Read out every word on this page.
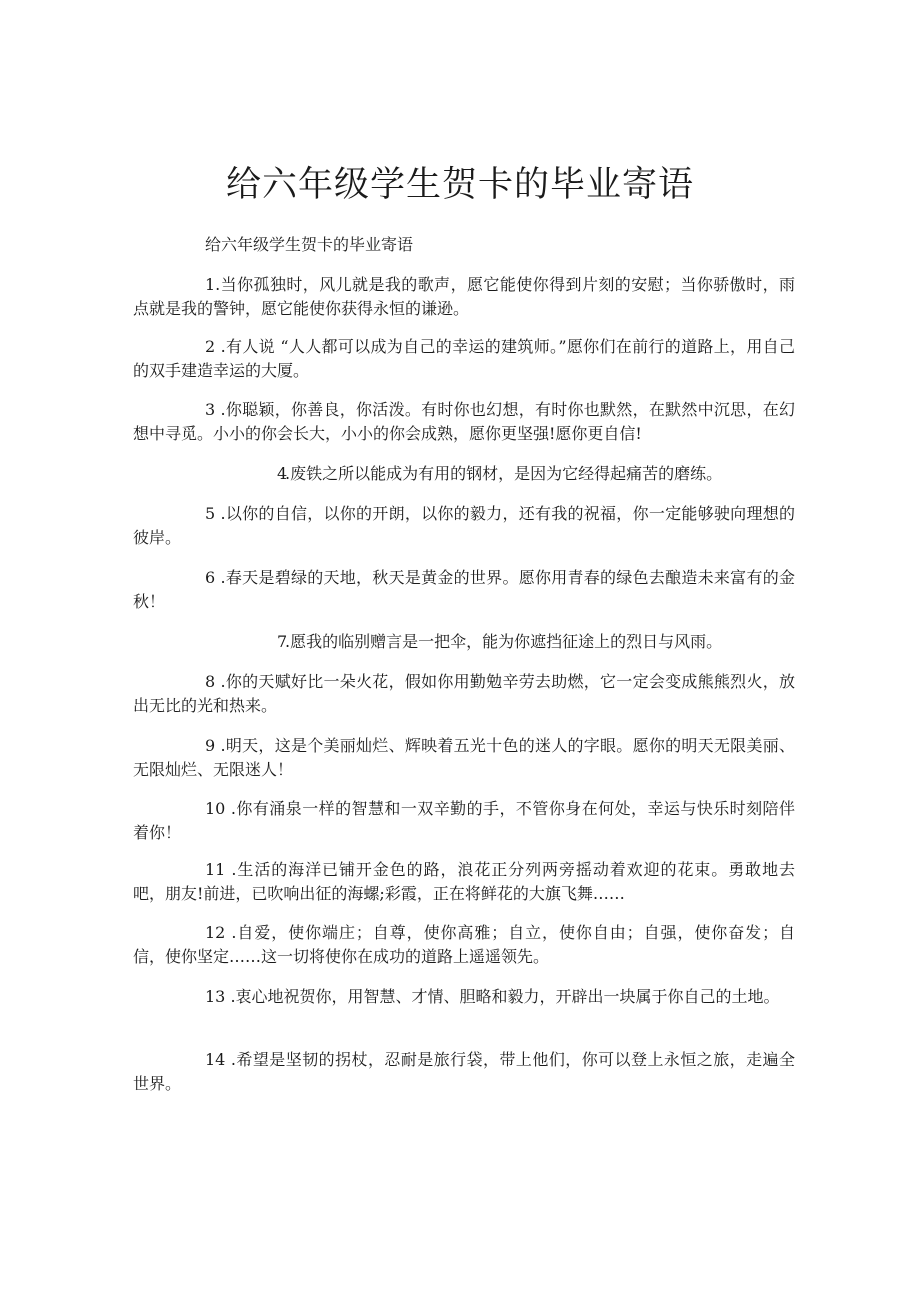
给六年级学生贺卡的毕业寄语

给六年级学生贺卡的毕业寄语

1.当你孤独时，风儿就是我的歌声，愿它能使你得到片刻的安慰；当你骄傲时，雨点就是我的警钟，愿它能使你获得永恒的谦逊。

2 .有人说 “人人都可以成为自己的幸运的建筑师。”愿你们在前行的道路上，用自己的双手建造幸运的大厦。

3 .你聪颖，你善良，你活泼。有时你也幻想，有时你也默然，在默然中沉思，在幻想中寻觅。小小的你会长大，小小的你会成熟，愿你更坚强!愿你更自信!

4.废铁之所以能成为有用的钢材，是因为它经得起痛苦的磨练。

5 .以你的自信，以你的开朗，以你的毅力，还有我的祝福，你一定能够驶向理想的彼岸。

6 .春天是碧绿的天地，秋天是黄金的世界。愿你用青春的绿色去酿造未来富有的金秋！

7.愿我的临别赠言是一把伞，能为你遮挡征途上的烈日与风雨。

8 .你的天赋好比一朵火花，假如你用勤勉辛劳去助燃，它一定会变成熊熊烈火，放出无比的光和热来。

9 .明天，这是个美丽灿烂、辉映着五光十色的迷人的字眼。愿你的明天无限美丽、无限灿烂、无限迷人！

10 .你有涌泉一样的智慧和一双辛勤的手，不管你身在何处，幸运与快乐时刻陪伴着你！

11 .生活的海洋已铺开金色的路，浪花正分列两旁摇动着欢迎的花束。勇敢地去吧，朋友!前进，已吹响出征的海螺;彩霞，正在将鲜花的大旗飞舞……

12 .自爱，使你端庄；自尊，使你高雅；自立，使你自由；自强，使你奋发；自信，使你坚定……这一切将使你在成功的道路上遥遥领先。

13 .衷心地祝贺你，用智慧、才情、胆略和毅力，开辟出一块属于你自己的土地。

14 .希望是坚韧的拐杖，忍耐是旅行袋，带上他们，你可以登上永恒之旅，走遍全世界。
